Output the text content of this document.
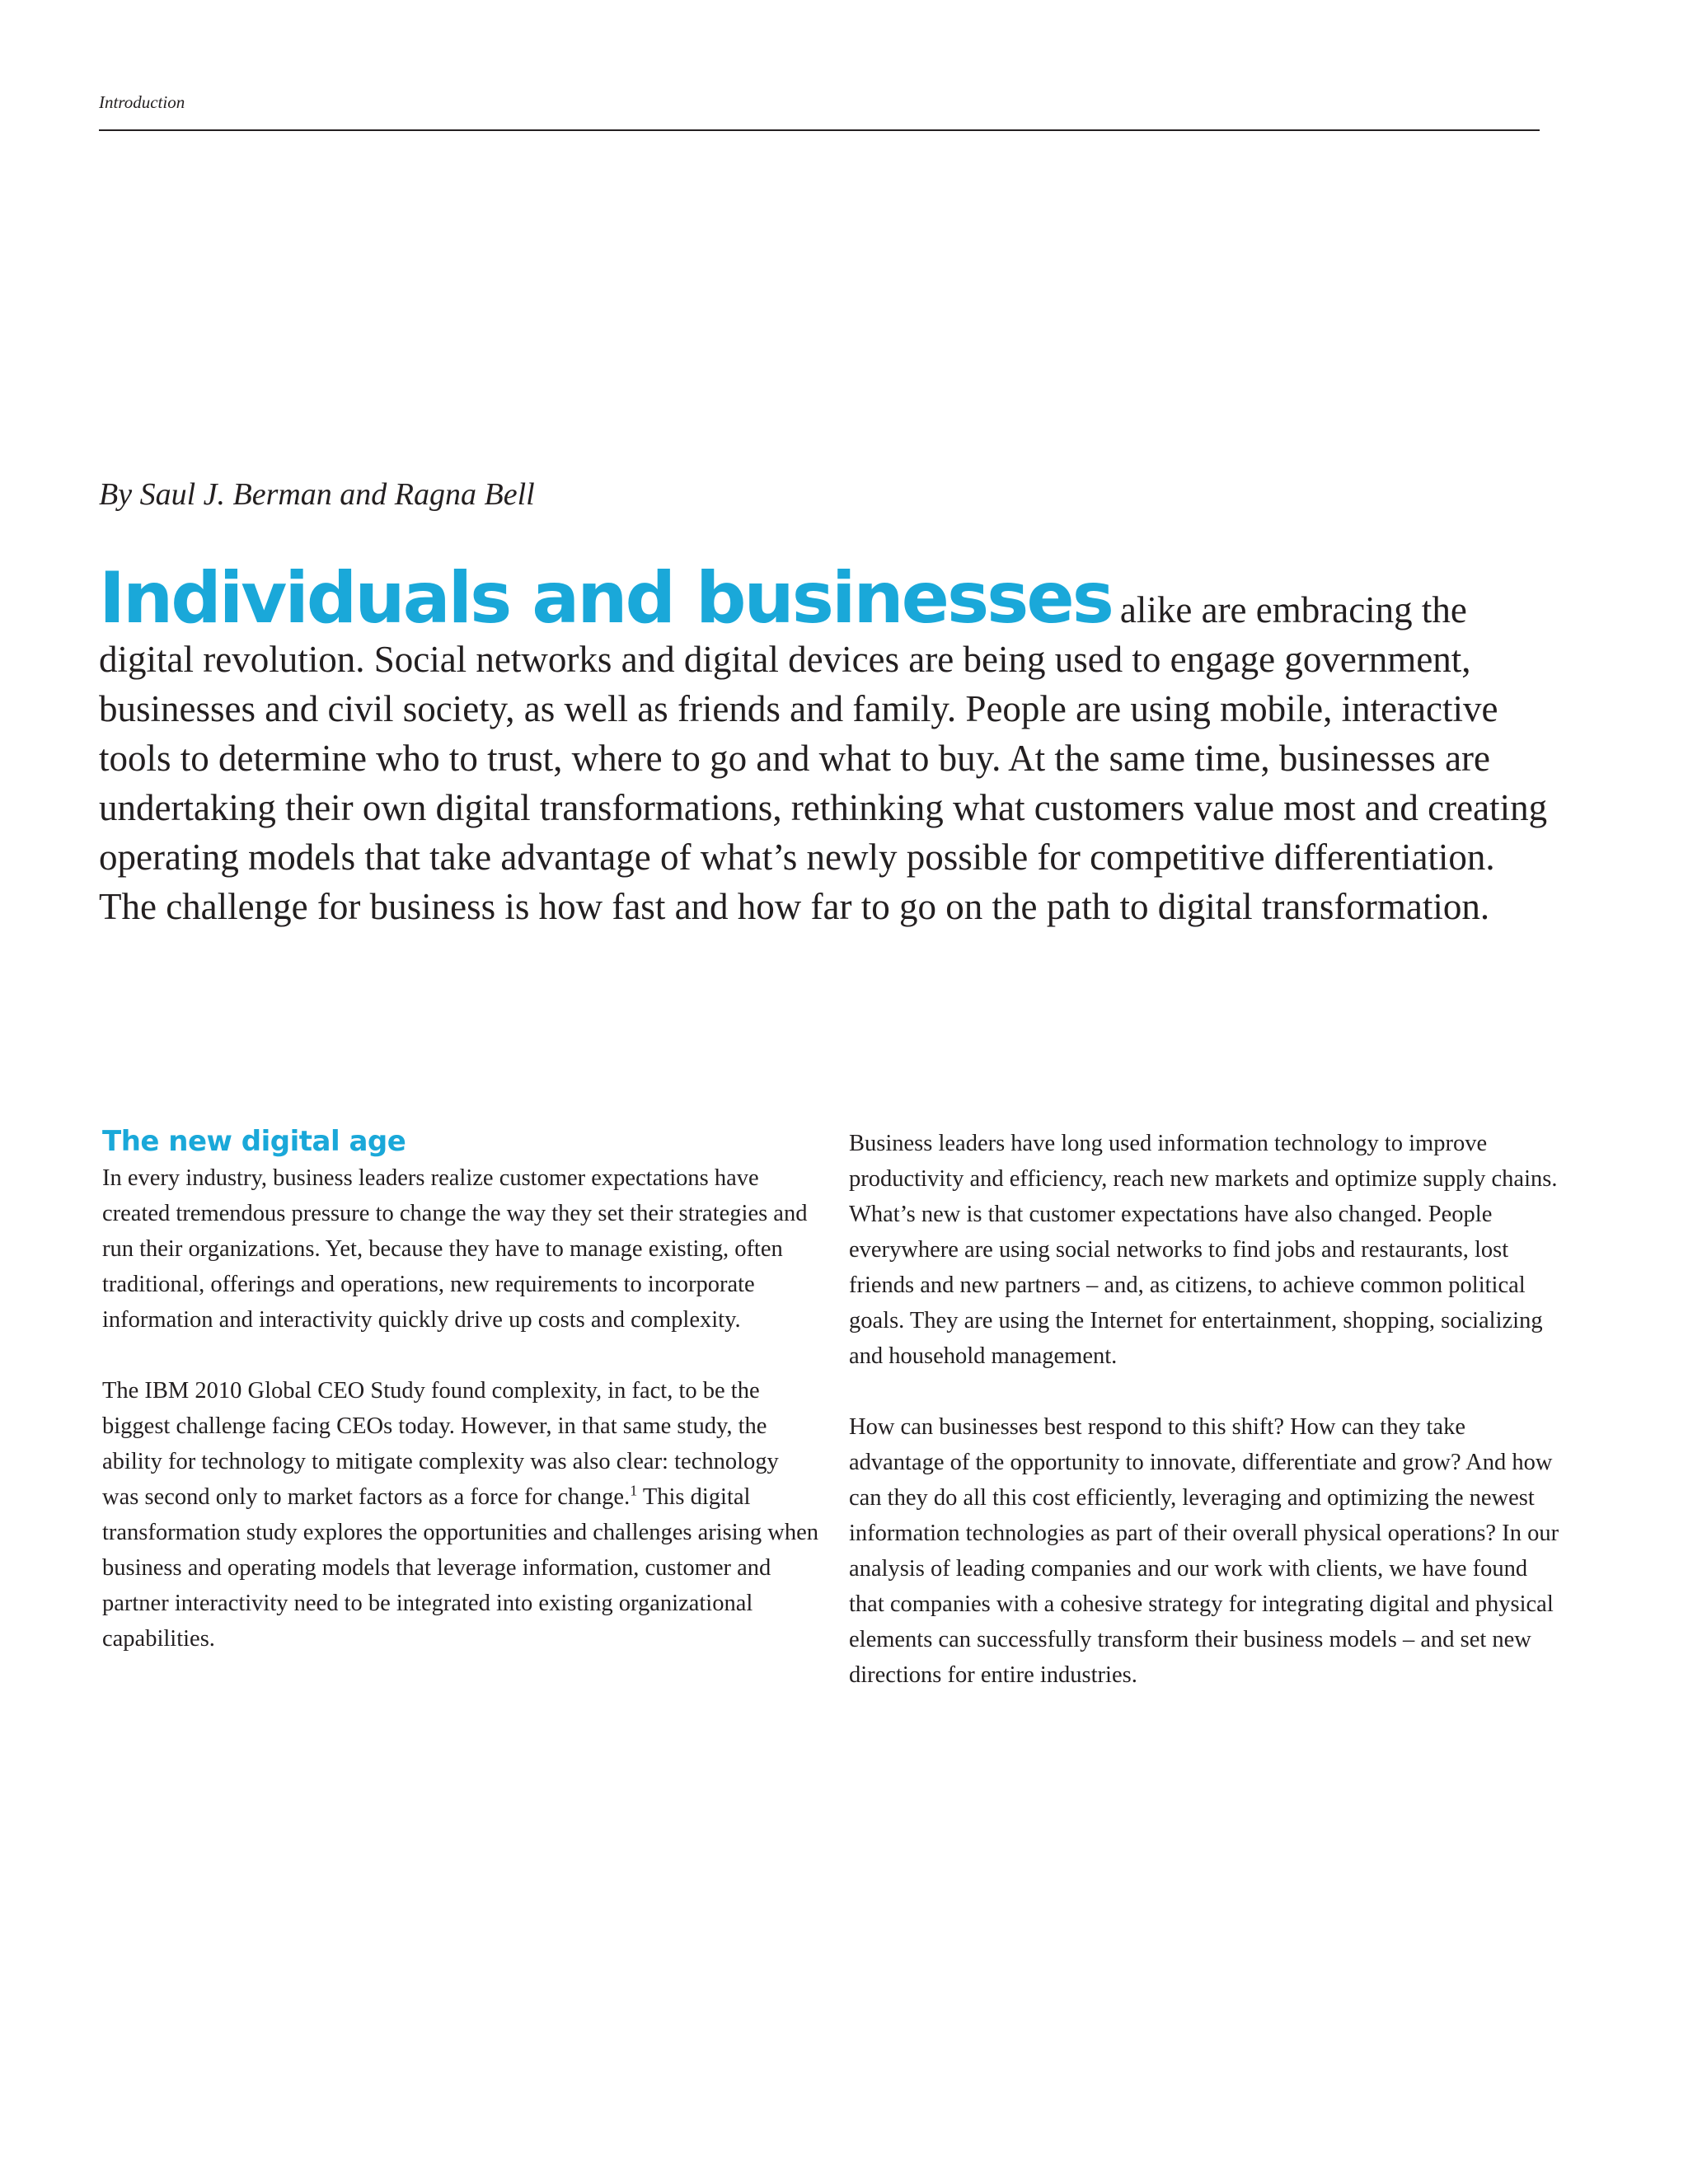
Introduction
By Saul J. Berman and Ragna Bell
Individuals and businesses alike are embracing the digital revolution. Social networks and digital devices are being used to engage government, businesses and civil society, as well as friends and family. People are using mobile, interactive tools to determine who to trust, where to go and what to buy. At the same time, businesses are undertaking their own digital transformations, rethinking what customers value most and creating operating models that take advantage of what’s newly possible for competitive differentiation. The challenge for business is how fast and how far to go on the path to digital transformation.
The new digital age

In every industry, business leaders realize customer expectations have created tremendous pressure to change the way they set their strategies and run their organizations. Yet, because they have to manage existing, often traditional, offerings and operations, new requirements to incorporate information and interactivity quickly drive up costs and complexity.

The IBM 2010 Global CEO Study found complexity, in fact, to be the biggest challenge facing CEOs today. However, in that same study, the ability for technology to mitigate complexity was also clear: technology was second only to market factors as a force for change.$^1$ This digital transformation study explores the opportunities and challenges arising when business and operating models that leverage information, customer and partner interactivity need to be integrated into existing organizational capabilities.

Business leaders have long used information technology to improve productivity and efficiency, reach new markets and optimize supply chains. What’s new is that customer expectations have also changed. People everywhere are using social networks to find jobs and restaurants, lost friends and new partners – and, as citizens, to achieve common political goals. They are using the Internet for entertainment, shopping, socializing and household management.

How can businesses best respond to this shift? How can they take advantage of the opportunity to innovate, differentiate and grow? And how can they do all this cost efficiently, leveraging and optimizing the newest information technologies as part of their overall physical operations? In our analysis of leading companies and our work with clients, we have found that companies with a cohesive strategy for integrating digital and physical elements can successfully transform their business models – and set new directions for entire industries.
